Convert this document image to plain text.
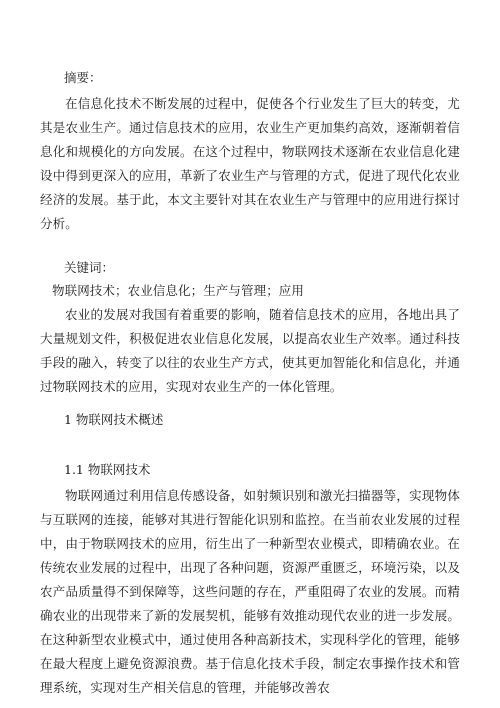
摘要：

在信息化技术不断发展的过程中，促使各个行业发生了巨大的转变，尤其是农业生产。通过信息技术的应用，农业生产更加集约高效，逐渐朝着信息化和规模化的方向发展。在这个过程中，物联网技术逐渐在农业信息化建设中得到更深入的应用，革新了农业生产与管理的方式，促进了现代化农业经济的发展。基于此，本文主要针对其在农业生产与管理中的应用进行探讨分析。

关键词：

物联网技术；农业信息化；生产与管理；应用

农业的发展对我国有着重要的影响，随着信息技术的应用，各地出具了大量规划文件，积极促进农业信息化发展，以提高农业生产效率。通过科技手段的融入，转变了以往的农业生产方式，使其更加智能化和信息化，并通过物联网技术的应用，实现对农业生产的一体化管理。

1 物联网技术概述

1.1 物联网技术

物联网通过利用信息传感设备，如射频识别和激光扫描器等，实现物体与互联网的连接，能够对其进行智能化识别和监控。在当前农业发展的过程中，由于物联网技术的应用，衍生出了一种新型农业模式，即精确农业。在传统农业发展的过程中，出现了各种问题，资源严重匮乏，环境污染，以及农产品质量得不到保障等，这些问题的存在，严重阻碍了农业的发展。而精确农业的出现带来了新的发展契机，能够有效推动现代农业的进一步发展。在这种新型农业模式中，通过使用各种高新技术，实现科学化的管理，能够在最大程度上避免资源浪费。基于信息化技术手段，制定农事操作技术和管理系统，实现对生产相关信息的管理，并能够改善农
